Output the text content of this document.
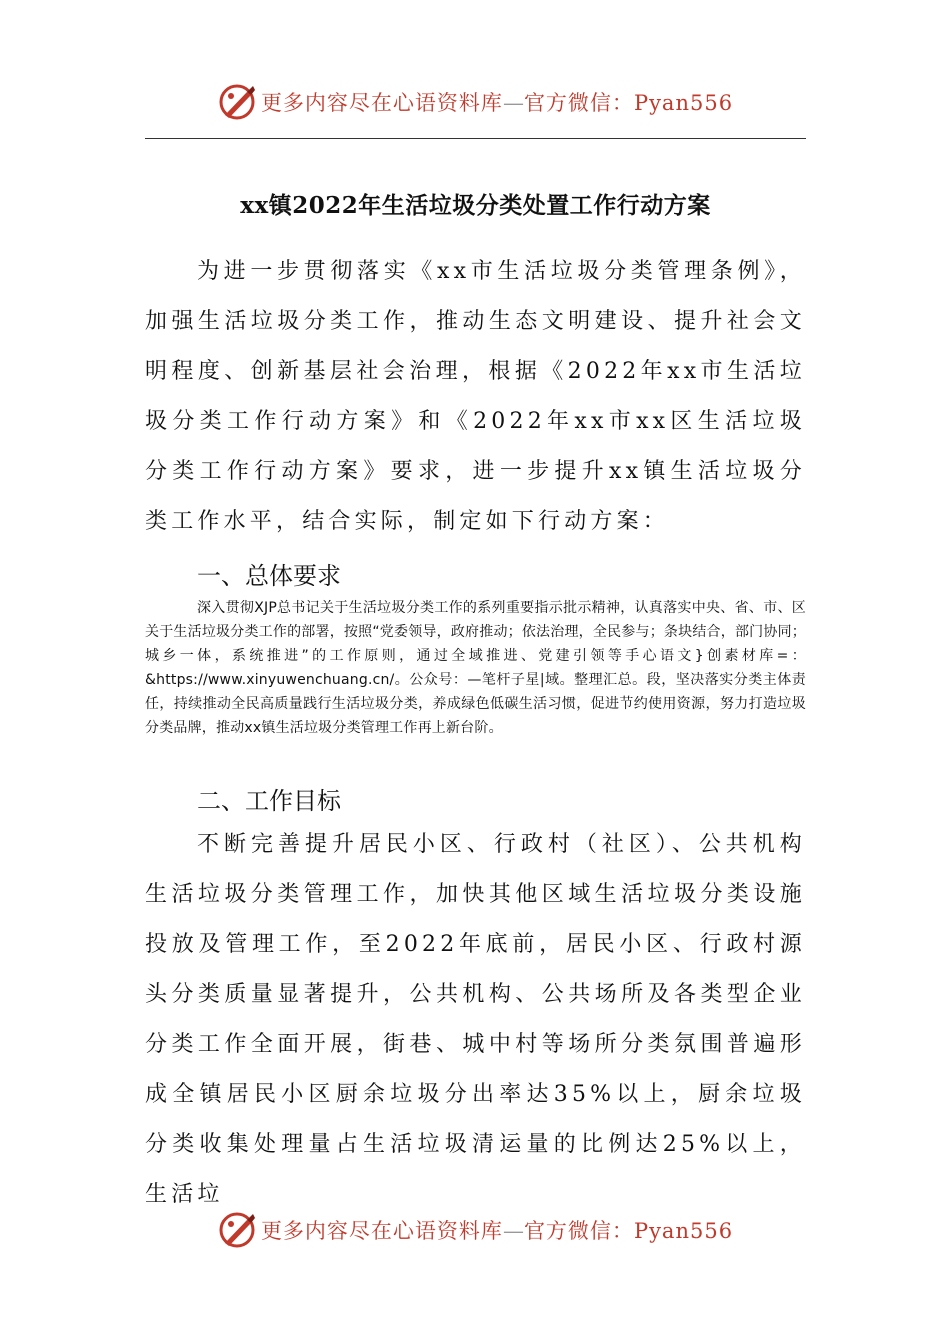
更多内容尽在心语资料库—官方微信：Pyan556
xx镇2022年生活垃圾分类处置工作行动方案

为进一步贯彻落实《xx市生活垃圾分类管理条例》，加强生活垃圾分类工作，推动生态文明建设、提升社会文明程度、创新基层社会治理，根据《2022年xx市生活垃圾分类工作行动方案》和《2022年xx市xx区生活垃圾分类工作行动方案》要求，进一步提升xx镇生活垃圾分类工作水平，结合实际，制定如下行动方案：

一、总体要求

深入贯彻XJP总书记关于生活垃圾分类工作的系列重要指示批示精神，认真落实中央、省、市、区关于生活垃圾分类工作的部署，按照“党委领导，政府推动；依法治理，全民参与；条块结合，部门协同；城乡一体，系统推进”的工作原则，通过全域推进、党建引领等手心语文}创素材库=：&https://www.xinyuwenchuang.cn/。公众号：—笔杆子星|域。整理汇总。段，坚决落实分类主体责任，持续推动全民高质量践行生活垃圾分类，养成绿色低碳生活习惯，促进节约使用资源，努力打造垃圾分类品牌，推动xx镇生活垃圾分类管理工作再上新台阶。

二、工作目标

不断完善提升居民小区、行政村（社区）、公共机构生活垃圾分类管理工作，加快其他区域生活垃圾分类设施投放及管理工作，至2022年底前，居民小区、行政村源头分类质量显著提升，公共机构、公共场所及各类型企业分类工作全面开展，街巷、城中村等场所分类氛围普遍形成全镇居民小区厨余垃圾分出率达35%以上，厨余垃圾分类收集处理量占生活垃圾清运量的比例达25%以上，生活垃

更多内容尽在心语资料库—官方微信：Pyan556
